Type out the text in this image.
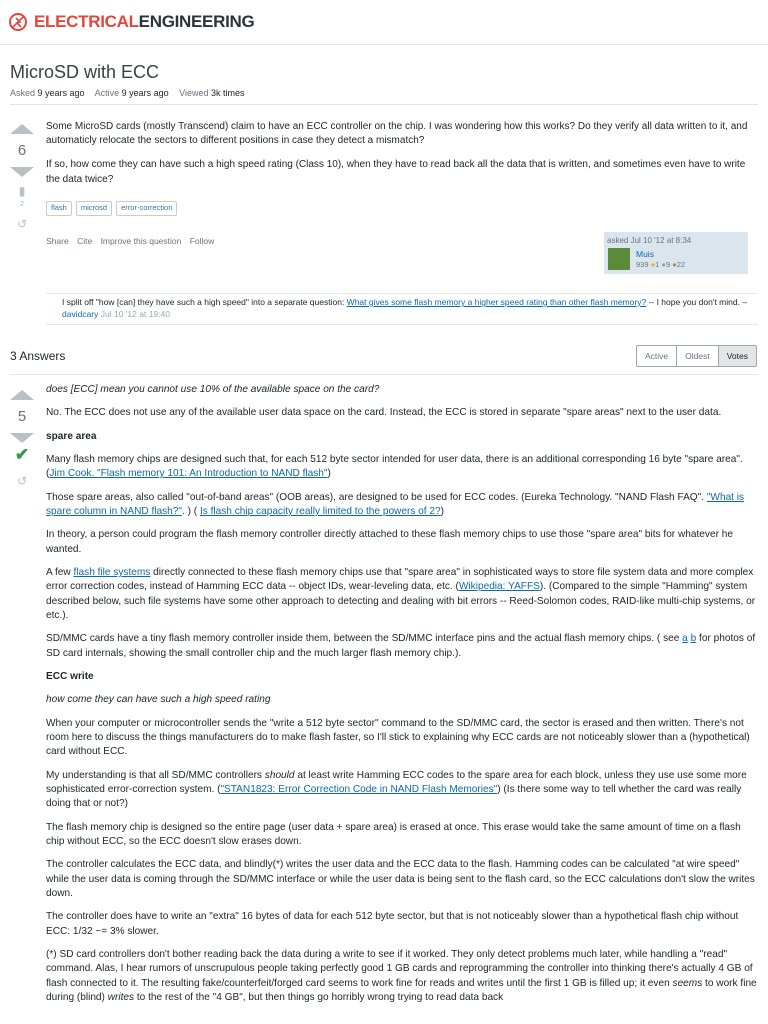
ELECTRICALENGINEERING
MicroSD with ECC
Asked 9 years ago Active 9 years ago Viewed 3k times
6
▮
2
↺

Some MicroSD cards (mostly Transcend) claim to have an ECC controller on the chip. I was wondering how this works? Do they verify all data written to it, and automaticly relocate the sectors to different positions in case they detect a mismatch?

If so, how come they can have such a high speed rating (Class 10), when they have to read back all the data that is written, and sometimes even have to write the data twice?

flash	microsd	error-correction
Share Cite Improve this question Follow	asked Jul 10 '12 at 8:34
Muis
939 ●1 ●9 ●22
I split off "how [can] they have such a high speed" into a separate question: What gives some flash memory a higher speed rating than other flash memory? -- I hope you don't mind. – davidcary Jul 10 '12 at 19:40
3 Answers	Active	Oldest	Votes
5
✔
↺

does [ECC] mean you cannot use 10% of the available space on the card?

No. The ECC does not use any of the available user data space on the card. Instead, the ECC is stored in separate "spare areas" next to the user data.

spare area

Many flash memory chips are designed such that, for each 512 byte sector intended for user data, there is an additional corresponding 16 byte "spare area". (Jim Cook. "Flash memory 101: An Introduction to NAND flash")

Those spare areas, also called "out-of-band areas" (OOB areas), are designed to be used for ECC codes. (Eureka Technology. "NAND Flash FAQ". "What is spare column in NAND flash?". ) ( Is flash chip capacity really limited to the powers of 2?)

In theory, a person could program the flash memory controller directly attached to these flash memory chips to use those "spare area" bits for whatever he wanted.

A few flash file systems directly connected to these flash memory chips use that "spare area" in sophisticated ways to store file system data and more complex error correction codes, instead of Hamming ECC data -- object IDs, wear-leveling data, etc. (Wikipedia: YAFFS). (Compared to the simple "Hamming" system described below, such file systems have some other approach to detecting and dealing with bit errors -- Reed-Solomon codes, RAID-like multi-chip systems, or etc.).

SD/MMC cards have a tiny flash memory controller inside them, between the SD/MMC interface pins and the actual flash memory chips. ( see a b for photos of SD card internals, showing the small controller chip and the much larger flash memory chip.).

ECC write

how come they can have such a high speed rating

When your computer or microcontroller sends the "write a 512 byte sector" command to the SD/MMC card, the sector is erased and then written. There's not room here to discuss the things manufacturers do to make flash faster, so I'll stick to explaining why ECC cards are not noticeably slower than a (hypothetical) card without ECC.

My understanding is that all SD/MMC controllers should at least write Hamming ECC codes to the spare area for each block, unless they use use some more sophisticated error-correction system. ("STAN1823: Error Correction Code in NAND Flash Memories") (Is there some way to tell whether the card was really doing that or not?)

The flash memory chip is designed so the entire page (user data + spare area) is erased at once. This erase would take the same amount of time on a flash chip without ECC, so the ECC doesn't slow erases down.

The controller calculates the ECC data, and blindly(*) writes the user data and the ECC data to the flash. Hamming codes can be calculated "at wire speed" while the user data is coming through the SD/MMC interface or while the user data is being sent to the flash card, so the ECC calculations don't slow the writes down.

The controller does have to write an "extra" 16 bytes of data for each 512 byte sector, but that is not noticeably slower than a hypothetical flash chip without ECC: 1/32 ~= 3% slower.

(*) SD card controllers don't bother reading back the data during a write to see if it worked. They only detect problems much later, while handling a "read" command. Alas, I hear rumors of unscrupulous people taking perfectly good 1 GB cards and reprogramming the controller into thinking there's actually 4 GB of flash connected to it. The resulting fake/counterfeit/forged card seems to work fine for reads and writes until the first 1 GB is filled up; it even seems to work fine during (blind) writes to the rest of the "4 GB", but then things go horribly wrong trying to read data back
